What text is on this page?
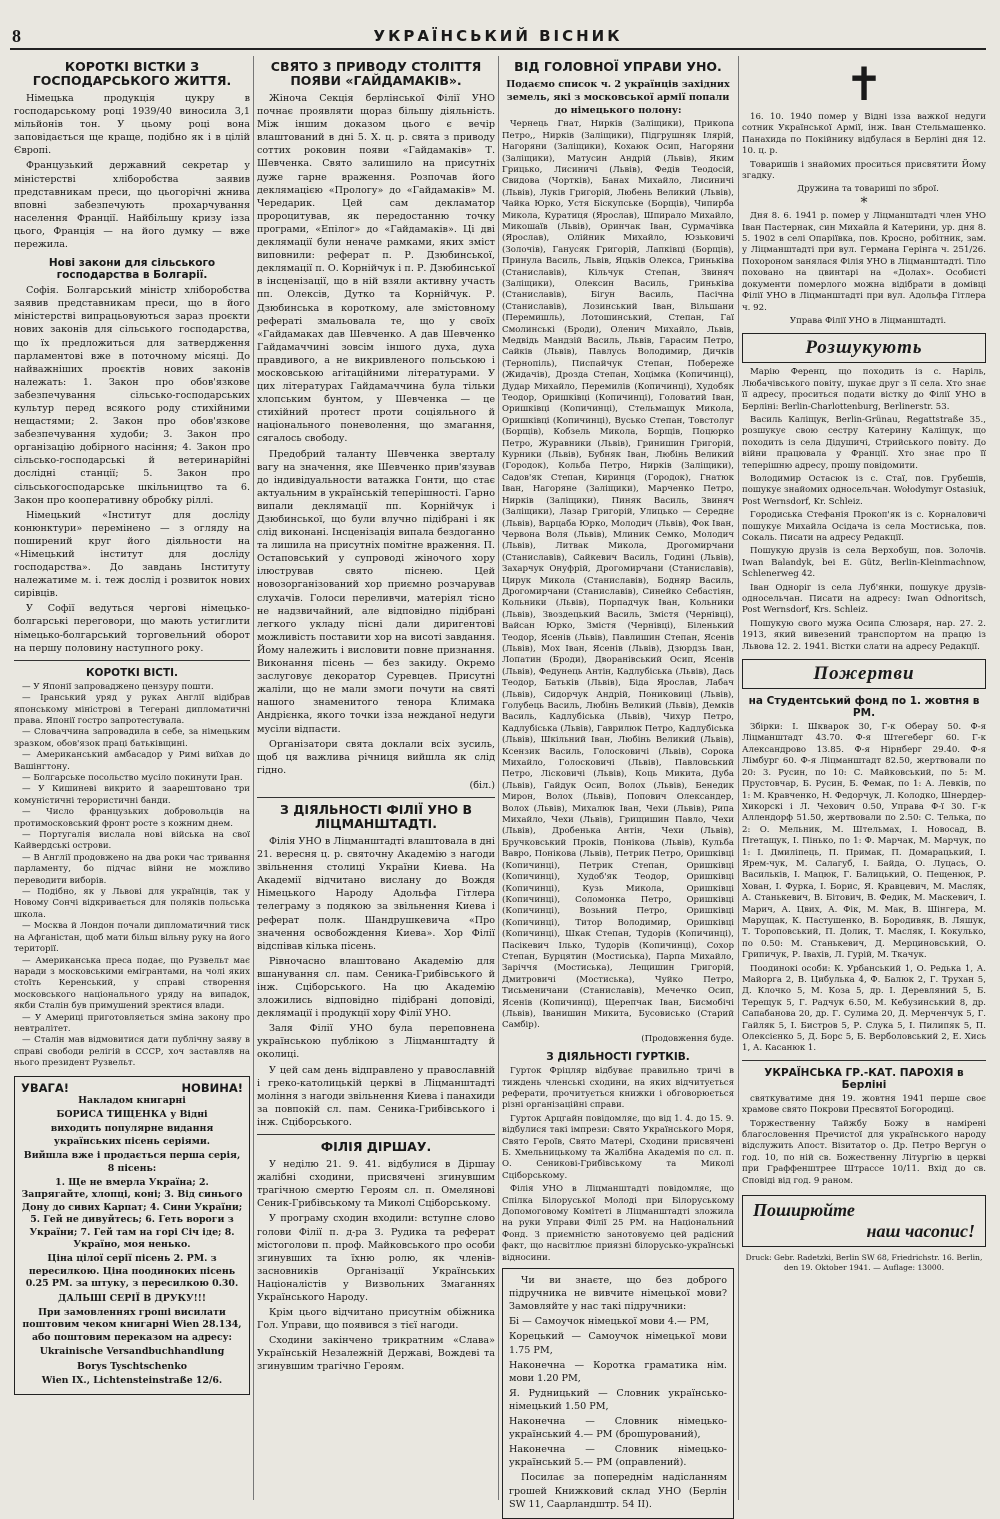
8	УКРАЇНСЬКИЙ ВІСНИК
КОРОТКІ ВІСТКИ З ГОСПОДАРСЬКОГО ЖИТТЯ.

Німецька продукція цукру в господарському році 1939/40 виносила 3,1 мільйонів тон. У цьому році вона заповідається ще краще, подібно як і в цілій Європі.

Французький державний секретар у міністерстві хліборобства заявив представникам преси, що цьогорічні жнива вповні забезпечують прохарчування населення Франції. Найбільшу кризу ізза цього, Франція — на його думку — вже пережила.

Нові закони для сільського господарства в Болгарії.

Софія. Болгарський міністр хліборобства заявив представникам преси, що в його міністерстві випрацьовуються зараз проєкти нових законів для сільського господарства, що їх предложиться для затвердження парламентові вже в поточному місяці. До найважніших проєктів нових законів належать: 1. Закон про обов'язкове забезпечування сільсько-господарських культур перед всякого роду стихійними нещастями; 2. Закон про обов'язкове забезпечування худоби; 3. Закон про організацію добірного насіння; 4. Закон про сільсько-господарські й ветеринарійні дослідні станції; 5. Закон про сільськогосподарське шкільництво та 6. Закон про кооперативну обробку ріллі.

Німецький «Інститут для досліду конюнктури» перемінено — з огляду на поширений круг його діяльности на «Німецький інститут для досліду господарства». До завдань Інституту належатиме м. і. теж дослід і розвиток нових сирівців.

У Софії ведуться чергові німецько-болгарські переговори, що мають устиглити німецько-болгарський торговельний оборот на першу половину наступного року.

КОРОТКІ ВІСТІ.

— У Японії запровадженo цензуру пошти.

— Іранський уряд у руках Англії відібрав японському міністрові в Тегерані дипломатичні права. Японії гостро запротестувала.

— Словаччина запровадила в себе, за німецьким зразком, обов'язок праці бaтьківщині.

— Американський амбасадор у Римі виїхав до Вашінгтону.

— Болгарське посольство мусіло покинути Іран.

— У Кишиневі викрито й заарештовано три комуністичні терористичні банди.

— Число французьких добровольців на протимосковський фронт росте з кожним днем.

— Португалія вислала нові війська на свої Кайвердські острови.

— В Англії продовжено на два роки час тривання парламенту, бо підчас війни не можливо переводити виборів.

— Подібно, як у Львові для українців, так у Новому Сончі відкривається для поляків польська школа.

— Москва й Лондон почали дипломатичний тиск на Афганістан, щоб мати більш вільну руку на його території.

— Американська преса подає, що Рузвельт має наради з московськими емігрантами, на чолі яких стоїть Керенський, у справі створення московського національного уряду на випадок, якби Сталін був примушений зректися влади.

— У Америці приготовляється зміна закону про невтралітет.

— Сталін мав відмовитися дати публічну заяву в справі свободи релігій в СССР, хоч заставляв на нього президент Рузвельт.

УВАГА!	НОВИНА!

Накладом книгарні

БОРИСА ТИЩЕНКА у Відні

виходить популярне видання українських пісень серіями.

Вийшла вже і продається перша серія, 8 пісень:

1. Ще не вмерла Україна; 2. Запрягайте, хлопці, коні; 3. Від синього Дону до сивих Карпат; 4. Сини України; 5. Гей не дивуйтесь; 6. Геть вороги з України; 7. Гей там на горі Січ іде; 8. Україно, моя ненько.

Ціна цілої серії пісень 2. РМ. з пересилкою. Ціна поодиноких пісень 0.25 РМ. за штуку, з пересилкою 0.30.

ДАЛЬШІ СЕРІЇ В ДРУКУ!!!

При замовленнях гроші висилати поштовим чеком книгарні Wien 28.134, або поштовим переказом на адресу:

Ukrainische Versandbuchhandlung

Borys Tyschtschenko

Wien IX., Lichtensteinstraße 12/6.

СВЯТО З ПРИВОДУ СТОЛІТТЯ ПОЯВИ «ГАЙДАМАКІВ».

Жіноча Секція берлінської Філії УНО почнає проявляти щораз більшу діяльність. Між іншим доказом цього є вечір влаштований в дні 5. Х. ц. р. свята з приводу соттих роковин появи «Гайдамаків» Т. Шевченка. Свято залишило на присутніх дуже гарне враження. Розпочав його деклямацією «Прологу» до «Гайдамаків» М. Чередарик. Цей сам декламатор пророцитував, як передостанню точку програми, «Епілог» до «Гайдамаків». Ці дві деклямації були неначе рамками, яких зміст виповнили: реферат п. Р. Дзюбинської, деклямації п. О. Корнійчук і п. Р. Дзюбинської в інсценізації, що в ній взяли активну участь пп. Олексів, Дутко та Корнійчук. Р. Дзюбинська в короткому, але змістовному рефераті змальовала те, що у своїх «Гайдамаках дав Шевченко. А дав Шевченко Гайдамаччині зовсім іншого духа, духа правдивого, а не викривленого польською і московською агітаційними літературами. У цих літературах Гайдамаччина була тільки хлопським бунтом, у Шевченка — це стихійний протест проти соціяльного й національного поневолення, що змагання, сягалось свободу.

Предобрий таланту Шевченка зверталу вагу на значення, яке Шевченко прив'язував до індивідуальности ватажка Гонти, що стає актуальним в українській теперішності. Гарно випали деклямації пп. Корнійчук і Дзюбинської, що були влучно підібрані і як слід виконані. Інсценізація випала бездоганно та лишила на присутніх помітне враження. П. Остаповський у супроводі жіночого хору ілюстрував свято піснею. Цей новозорганізований хор приємно розчарував слухачів. Голоси переливчи, матеріял тісно не надзвичайний, але відповідно підібрані легкого укладу пісні дали диригентові можливість поставити хор на висоті завдання. Йому належить і висловити повне признання. Виконання пісень — без закиду. Окремо заслуговує декоратор Суревцев. Присутні жаліли, що не мали змоги почути на святі нашого знаменитого тенора Климака Андрієнка, якого точки ізза нежданої недуги мусіли відпасти.

Організатори свята доклали всіх зусиль, щоб ця важлива річниця вийшла як слід гідно.

(біл.)

З ДІЯЛЬНОСТІ ФІЛІЇ УНО В ЛІЦМАНШТАДТІ.

Філія УНО в Ліцманштадті влаштовала в дні 21. вересня ц. р. святочну Академію з нагоди звільнення столиці України Киева. На Академії відчитано вислану до Вождя Німецького Народу Адольфа Гітлера телеграму з подякою за звільнення Киева і реферат полк. Шандрушкевича «Про значення освобождення Киева». Хор Філії відспівав кілька пісень.

Рівночасно влаштовано Академію для вшанування сл. пам. Сеника-Грибівського й інж. Сціборського. На цю Академію зложились відповідно підібрані доповіді, деклямації і продукції хору Філії УНО.

Заля Філії УНО була переповнена українською публікою з Ліцманштадту й околиці.

У цей сам день відправлено у православній і греко-католицькій церкві в Ліцманштадті моління з нагоди звільнення Киева і панахиди за повпокій сл. пам. Сеника-Грибівського і інж. Сціборського.

ФІЛІЯ ДІРШАУ.

У неділю 21. 9. 41. відбулися в Діршау жалібні сходини, присвячені згинувшим трагічною смертю Героям сл. п. Омелянові Сеник-Грибівському та Миколі Сціборському.

У програму сходин входили: вступне слово голови Філії п. д-ра З. Рудика та реферат містоголови п. проф. Майковського про особи згинувших та їхню ролю, як членів-засновників Організації Українських Націоналістів у Визвольних Змаганнях Українського Народу.

Крім цього відчитано присутнім обіжника Гол. Управи, що появився з тієї нагоди.

Сходини закінчено трикратним «Слава» Українській Незалежній Державі, Вождеві та згинувшим трагічно Героям.

ВІД ГОЛОВНОЇ УПРАВИ УНО.

Подаємо список ч. 2 українців західних земель, які з московської армії попали до німецького полону:

Чернець Гнат, Ниркiв (Заліщики), Прикопа Петро,, Ниркiв (Заліщики), Підгрушняк Ілярій, Нагоряни (Заліщики), Кохаюк Осип, Нагоряни (Заліщики), Матусин Андрій (Львів), Яким Грицько, Лисиничі (Львів), Федів Теодосій, Свидова (Чортків), Банах Михайло, Лисиничі (Львів), Лукiв Григорій, Любень Великий (Львів), Чайка Юрко, Устя Біскупське (Борщів), Чипирба Микола, Куратиця (Ярослав), Шпирало Михайло, Микошаїв (Львів), Оринчак Іван, Сурмачівка (Ярослав), Олійник Михайло, Юзьковичі (Золочів), Ганусяк Григорій, Лапківці (Борщів), Принула Василь, Львів, Яцьків Олекса, Гриньківа (Станиславів), Кільчук Степан, Звиняч (Заліщики), Олексин Василь, Гриньківа (Станиславів), Бігун Василь, Пасічна (Станиславів), Лозинський Іван, Вільшани (Перемишль), Лотошинський, Степан, Гаї Смолинські (Броди), Оленич Михайло, Львів, Медвідь Мандзій Василь, Львів, Гарасим Петро, Сайків (Львів), Павлусь Володимир, Дичків (Тернопіль), Писпайчук Степан, Побереже (Жидачів), Дрозда Степан, Хоцімка (Копичинці), Дудар Михайло, Перемилів (Копичинці), Худобяк Теодор, Оришківці (Копичинці), Головатий Іван, Оришківці (Копичинці), Стельмащук Микола, Оришківці (Копичинці), Вусько Степан, Товстолуг (Борщів), Кобзель Микола, Борщів, Поцюрко Петро, Журавники (Львів), Гринишин Григорій, Курники (Львів), Бубняк Іван, Любінь Великий (Городок), Кольба Петро, Ниркiв (Заліщики), Садов'як Степан, Киринця (Городок), Гнатюк Іван, Нагоряне (Заліщики), Марченко Петро, Ниркiв (Заліщики), Пиняк Василь, Звиняч (Заліщики), Лазар Григорій, Улицько — Середнє (Львів), Варцаба Юрко, Молодич (Львів), Фок Іван, Червона Воля (Львів), Млиник Семко, Молодич (Львів), Литвак Микола, Дрогомирчани (Станиславів), Сайкевич Василь, Годинi (Львів), Захарчук Онуфрій, Дрогомирчани (Станиславів), Цирук Микола (Станиславів), Бодняр Василь, Дрогомирчани (Станиславів), Синейко Себастіян, Кольники (Львів), Порпадчук Іван, Кольники (Львів), Звоздецький Василь, Змістя (Чернівці), Вайсан Юрко, Змістя (Чернівці), Біленький Теодор, Ясенів (Львів), Павлишин Степан, Ясенів (Львів), Мох Іван, Ясенів (Львів), Дзюрдзь Іван, Лопатин (Броди), Дворанівський Осип, Ясенів (Львів), Федунець Антін, Кадлубіська (Львів), Дась Теодор, Батьків (Львів), Біда Ярослав, Лабач (Львів), Сидорчук Андрій, Пониковиці (Львів), Голубець Василь, Любінь Великий (Львів), Демків Василь, Кадлубіська (Львів), Чихур Петро, Кадлубіська (Львів), Гаврилюк Петро, Кадлубіська (Львів), Шкільний Іван, Любінь Великий (Львів), Ксензик Василь, Голосковичі (Львів), Сорока Михайло, Голосковичі (Львів), Павловський Петро, Лісковичі (Львів), Коць Микита, Дуба (Львів), Гайдук Осип, Волох (Львів), Бенедик Мирон, Волох (Львів), Попович Олександер, Волох (Львів), Михалюк Іван, Чехи (Львів), Рипа Михайло, Чехи (Львів), Грищишин Павло, Чехи (Львів), Дробенька Антін, Чехи (Львів), Бручковський Проків, Понікова (Львів), Кульба Вавро, Понікова (Львів), Петрик Петро, Оришківці (Копичинці), Петрик Степан, Оришківці (Копичинці), Худоб'як Теодор, Оришківці (Копичинці), Кузь Микола, Оришківці (Копичинці), Соломонка Петро, Оришківці (Копичинці), Возьний Петро, Оришківці (Копичинці), Титор Володимир, Оришківці (Копичинці), Шкак Степан, Тудорів (Копичинці), Пасікевич Ілько, Тудорів (Копичинці), Сохор Степан, Бурцятин (Мостиська), Парпа Михайло, Заріччя (Мостиська), Лещишин Григорій, Дмитровичі (Мостиська), Чуйко Петро, Тисьменичани (Станиславів), Мечечко Осип, Ясенів (Копичинці), Щерепчак Іван, Бисмобічі (Львів), Іванишин Микита, Бусовисько (Старий Самбір).

(Продовження буде.

З ДІЯЛЬНОСТІ ГУРТКІВ.

Гурток Фріцляр відбуває правильно тричі в тиждень членські сходини, на яких відчитується реферати, прочитується книжки і обговорюється різні організаційні справи.

Гурток Арцгайн повідомляє, що від 1. 4. до 15. 9. відбулися такі імпрези: Свято Українського Моря, Свято Героїв, Свято Матері, Сходини присвячені Б. Хмельницькому та Жалібна Академія по сл. п. О. Сеникові-Грибівському та Миколі Сціборському.

Філія УНО в Ліцманштадті повідомляє, що Спілка Білоруської Молоді при Білоруському Допомоговому Комітеті в Ліцманштадті зложила на руки Управи Філії 25 РМ. на Національний Фонд. З приємністю занотовуємо цей радісний факт, що насвітлює приязні білорусько-українські відносини.

Чи ви знаєте, що без доброго підручника не вивчите німецької мови? Замовляйте у нас такі підручники:

Бі — Самоучок німецької мови 4.— РМ,

Корецький — Самоучок німецької мови 1.75 РМ,

Наконечна — Коротка граматика нім. мови 1.20 РМ,

Я. Рудницький — Словник українсько-німецький 1.50 РМ,

Наконечна — Словник німецько-український 4.— РМ (брошурований),

Наконечна — Словник німецько-український 5.— РМ (оправлений).

Посилає за попереднім надісланням грошей Книжковий склад УНО (Берлін SW 11, Саарландштр. 54 II).

✝

16. 10. 1940 помер у Відні ізза важкої недуги сотник Української Армії, інж. Іван Стельмашенко. Панахида по Покійнику відбулася в Берліні дня 12. 10. ц. р.

Товаришів і знайомих проситься присвятити Йому згадку.

Дружина та товариші по зброї.

*

Дня 8. 6. 1941 р. помер у Ліцманштадті член УНО Іван Пастернак, син Михайла й Катерини, ур. дня 8. 5. 1902 в селі Опаріївка, пов. Кросно, робітник, зам. у Ліцманштадті при вул. Германа Герінга ч. 251/26. Похороном занялася Філія УНО в Ліцманштадті. Тіло поховано на цвинтарі на «Долах». Особисті документи померлого можна відібрати в домівці Філії УНО в Ліцманштадті при вул. Адольфа Гітлера ч. 92.

Управа Філії УНО в Ліцманштадті.

Розшукують

Марію Ференц, що походить із с. Наріль, Любачівського повіту, шукає друг з її села. Хто знає її адресу, проситься подати вістку до Філії УНО в Берліні: Berlin-Charlottenburg, Berlinerstr. 53.

Василь Каліщук, Berlin-Grünau, Regattstraße 35., розшукує свою сестру Катерину Каліщук, що походить із села Дідушичі, Стрийського повіту. До війни працювала у Франції. Хто знає про її теперішню адресу, прошу повідомити.

Володимир Остасюк із с. Стаї, пов. Грубешів, пошукує знайомих односельчан. Wołodymyr Ostasiuk, Post Wernsdorf, Kr. Schleiz.

Городиська Стефанія Прокоп'як із с. Корналовичі пошукує Михайла Осідача із села Мостиська, пов. Сокаль. Писати на адресу Редакції.

Пошукую друзів із села Верхобуш, пов. Золочів. Iwan Balandyk, bei E. Gütz, Berlin-Kleinmachnow, Schlenerweg 42.

Іван Одноріг із села Луб'янки, пошукує друзів-односельчан. Писати на адресу: Iwan Odnoritsch, Post Wernsdorf, Krs. Schleiz.

Пошукую свого мужа Осипа Слюзаря, нар. 27. 2. 1913, який вивезений транспортом на працю із Львова 12. 2. 1941. Вістки слати на адресу Редакції.

Пожертви
на Студентський фонд по 1. жовтня в РМ.

Збірки: І. Шкварок 30, Г-к Оберау 50. Ф-я Ліцманштадт 43.70. Ф-я Штегеберг 60. Г-к Александрово 13.85. Ф-я Нірнберг 29.40. Ф-я Лімбург 60. Ф-я Ліцманштадт 82.50, жертвовали по 20: 3. Русин, по 10: С. Майковський, по 5: М. Прустовчар, Б. Русин, Б. Фемак, по 1: А. Левків, по 1: М. Кравченко, Н. Федорчук, Л. Колодко, Шнердер-Хикорскі і Л. Чехович 0.50, Управа Ф-ї 30. Г-к Аллендорф 51.50, жертвовали по 2.50: С. Телька, по 2: О. Мельник, М. Штельмах, І. Новосад, В. Пrетащук, І. Пінько, по 1: Ф. Марчак, М. Марчук, по 1: І. Дмиліпець, П. Примак, П. Домарацький, І. Ярем-чук, М. Салагуб, І. Байда, О. Луцась, О. Васильків, І. Мацюк, Г. Балицький, О. Пещенюк, Р. Хован, І. Фурка, І. Борис, Я. Кравцевич, М. Масляк, А. Станькевич, В. Бітович, В. Федик, М. Маскевич, І. Марич, А. Цвих, А. Фік, М. Мак, В. Шінгера, М. Марущак, К. Пастушенко, В. Бородивяк, В. Ляшук, Т. Тороповський, П. Долик, Т. Масляк, І. Кокулько, по 0.50: М. Станькевич, Д. Мерциновський, О. Грипичук, Р. Івахів, Л. Гурій, М. Ткачук.

Поодинокі особи: К. Урбанський 1, О. Редька 1, А. Майорга 2, В. Цибулька 4, Ф. Балюк 2, Г. Трухан 5, Д. Клочко 5, М. Коза 5, др. І. Деревляний 5, Б. Терещук 5, Г. Радчук 6.50, М. Кебузинський 8, др. Сапабанова 20, др. Г. Сулима 20, Д. Мерченчук 5, Г. Гайляк 5, І. Бистров 5, Р. Слука 5, І. Пилипяк 5, П. Олексієнко 5, Д. Борс 5, Б. Верболовський 2, Е. Хись 1, А. Касанюк 1.

УКРАЇНСЬКА ГР.-КАТ. ПАРОХІЯ в Берліні

святкуватиме дня 19. жовтня 1941 перше своє храмове свято Покрови Пресвятої Богородиці.

Торжественну Тайжбу Божу в намірені благословення Пречистої для українського народу відслужить Апост. Візитатор о. Др. Петро Вергун о год. 10, по ній св. Божественну Літургію в церкві при Граффенштрее Штрассе 10/11. Вхід до св. Сповіді від год. 9 раном.

Поширюйте
наш часопис!
Druck: Gebr. Radetzki, Berlin SW 68, Friedrichstr. 16. Berlin, den 19. Oktober 1941. — Auflage: 13000.
